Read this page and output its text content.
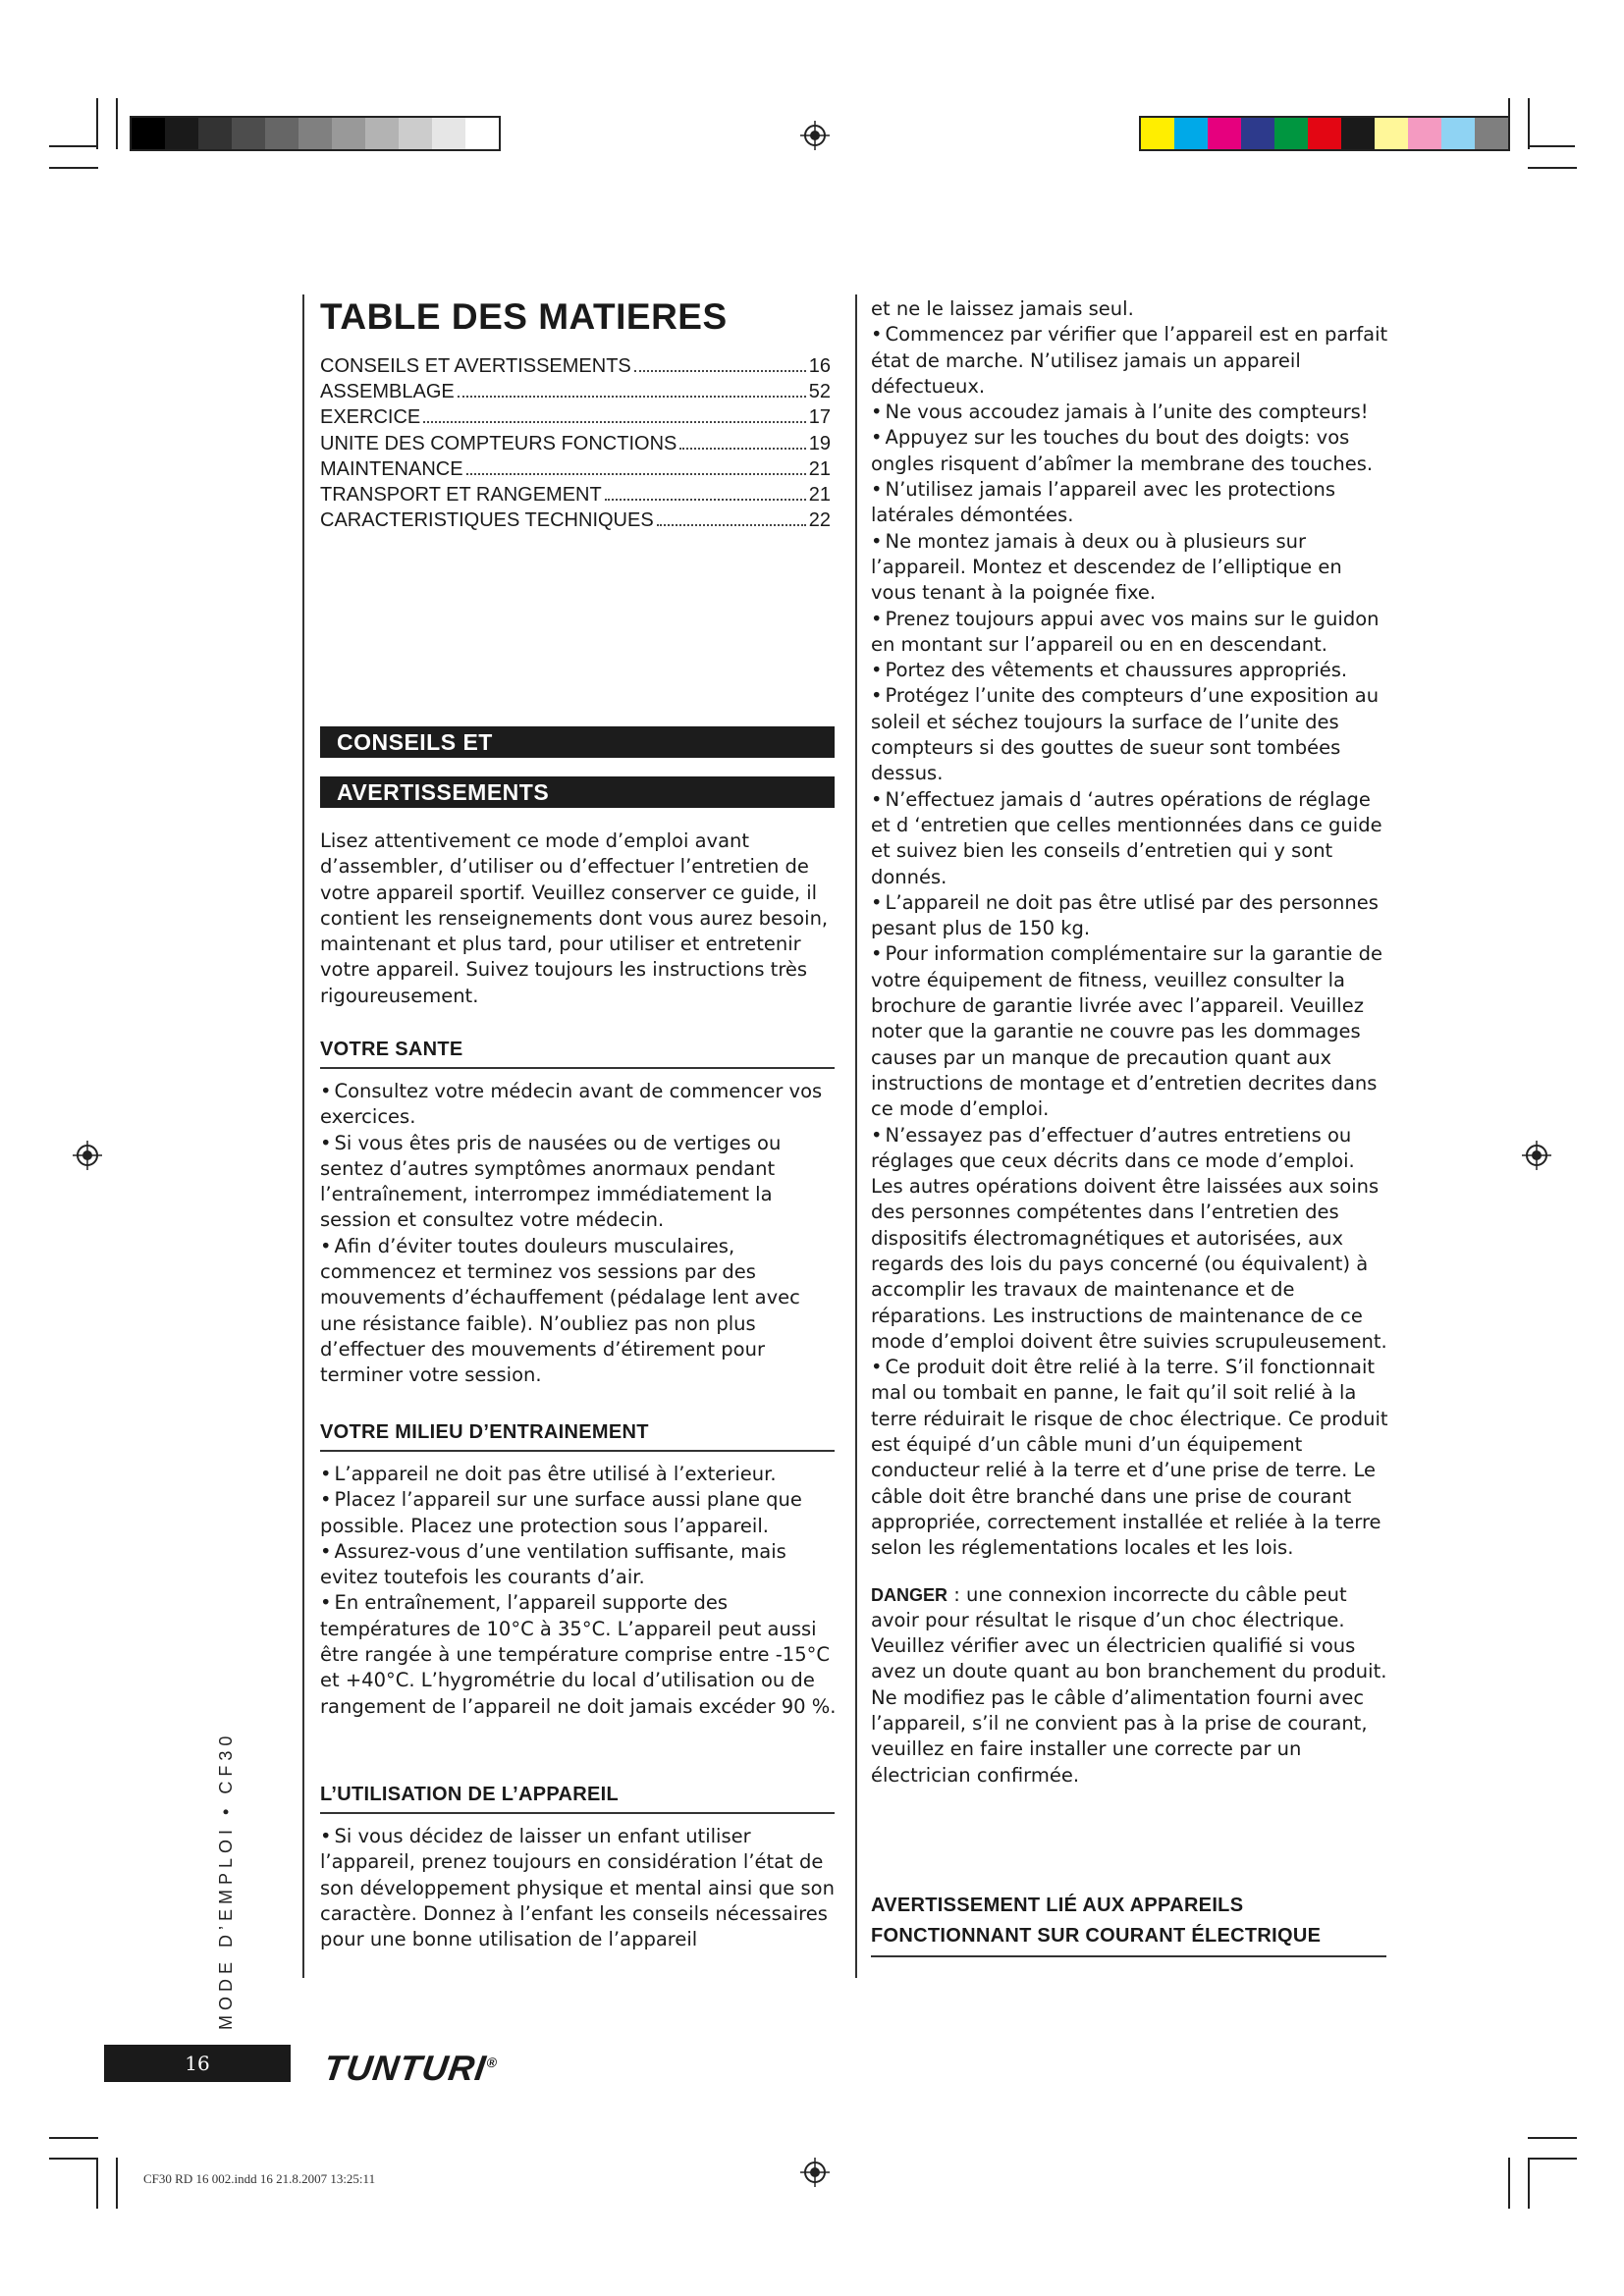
TABLE DES MATIERES
CONSEILS ET AVERTISSEMENTS	16
ASSEMBLAGE	52
EXERCICE	17
UNITE DES COMPTEURS FONCTIONS	19
MAINTENANCE	21
TRANSPORT ET RANGEMENT	21
CARACTERISTIQUES TECHNIQUES	22
CONSEILS ET
AVERTISSEMENTS

Lisez attentivement ce mode d’emploi avant d’assembler, d’utiliser ou d’effectuer l’entretien de votre appareil sportif. Veuillez conserver ce guide, il contient les renseignements dont vous aurez besoin, maintenant et plus tard, pour utiliser et entretenir votre appareil. Suivez toujours les instructions très rigoureusement.

VOTRE SANTE

• Consultez votre médecin avant de commencer vos exercices.

• Si vous êtes pris de nausées ou de vertiges ou sentez d’autres symptômes anormaux pendant l’entraînement, interrompez immédiatement la session et consultez votre médecin.

• Afin d’éviter toutes douleurs musculaires, commencez et terminez vos sessions par des mouvements d’échauffement (pédalage lent avec une résistance faible). N’oubliez pas non plus d’effectuer des mouvements d’étirement pour terminer votre session.

VOTRE MILIEU D’ENTRAINEMENT

• L’appareil ne doit pas être utilisé à l’exterieur.

• Placez l’appareil sur une surface aussi plane que possible. Placez une protection sous l’appareil.

• Assurez-vous d’une ventilation suffisante, mais evitez toutefois les courants d’air.

• En entraînement, l’appareil supporte des températures de 10°C à 35°C. L’appareil peut aussi être rangée à une température comprise entre -15°C et +40°C. L’hygrométrie du local d’utilisation ou de rangement de l’appareil ne doit jamais excéder 90 %.

L’UTILISATION DE L’APPAREIL

• Si vous décidez de laisser un enfant utiliser l’appareil, prenez toujours en considération l’état de son développement physique et mental ainsi que son caractère. Donnez à l’enfant les conseils nécessaires pour une bonne utilisation de l’appareil

et ne le laissez jamais seul.

• Commencez par vérifier que l’appareil est en parfait état de marche. N’utilisez jamais un appareil défectueux.

• Ne vous accoudez jamais à l’unite des compteurs!

• Appuyez sur les touches du bout des doigts: vos ongles risquent d’abîmer la membrane des touches.

• N’utilisez jamais l’appareil avec les protections latérales démontées.

• Ne montez jamais à deux ou à plusieurs sur l’appareil. Montez et descendez de l’elliptique en vous tenant à la poignée fixe.

• Prenez toujours appui avec vos mains sur le guidon en montant sur l’appareil ou en en descendant.

• Portez des vêtements et chaussures appropriés.

• Protégez l’unite des compteurs d’une exposition au soleil et séchez toujours la surface de l’unite des compteurs si des gouttes de sueur sont tombées dessus.

• N’effectuez jamais d ‘autres opérations de réglage et d ‘entretien que celles mentionnées dans ce guide et suivez bien les conseils d’entretien qui y sont donnés.

• L’appareil ne doit pas être utlisé par des personnes pesant plus de 150 kg.

• Pour information complémentaire sur la garantie de votre équipement de fitness, veuillez consulter la brochure de garantie livrée avec l’appareil. Veuillez noter que la garantie ne couvre pas les dommages causes par un manque de precaution quant aux instructions de montage et d’entretien decrites dans ce mode d’emploi.

• N’essayez pas d’effectuer d’autres entretiens ou réglages que ceux décrits dans ce mode d’emploi. Les autres opérations doivent être laissées aux soins des personnes compétentes dans l’entretien des dispositifs électromagnétiques et autorisées, aux regards des lois du pays concerné (ou équivalent) à accomplir les travaux de maintenance et de réparations. Les instructions de maintenance de ce mode d’emploi doivent être suivies scrupuleusement.

• Ce produit doit être relié à la terre. S’il fonctionnait mal ou tombait en panne, le fait qu’il soit relié à la terre réduirait le risque de choc électrique. Ce produit est équipé d’un câble muni d’un équipement conducteur relié à la terre et d’une prise de terre. Le câble doit être branché dans une prise de courant appropriée, correctement installée et reliée à la terre selon les réglementations locales et les lois.

DANGER : une connexion incorrecte du câble peut avoir pour résultat le risque d’un choc électrique. Veuillez vérifier avec un électricien qualifié si vous avez un doute quant au bon branchement du produit. Ne modifiez pas le câble d’alimentation fourni avec l’appareil, s’il ne convient pas à la prise de courant, veuillez en faire installer une correcte par un électrician confirmée.

AVERTISSEMENT LIÉ AUX APPAREILS
FONCTIONNANT SUR COURANT ÉLECTRIQUE
MODE D’EMPLOI • CF30
16	TUNTURI®
CF30 RD 16 002.indd 16 21.8.2007 13:25:11
